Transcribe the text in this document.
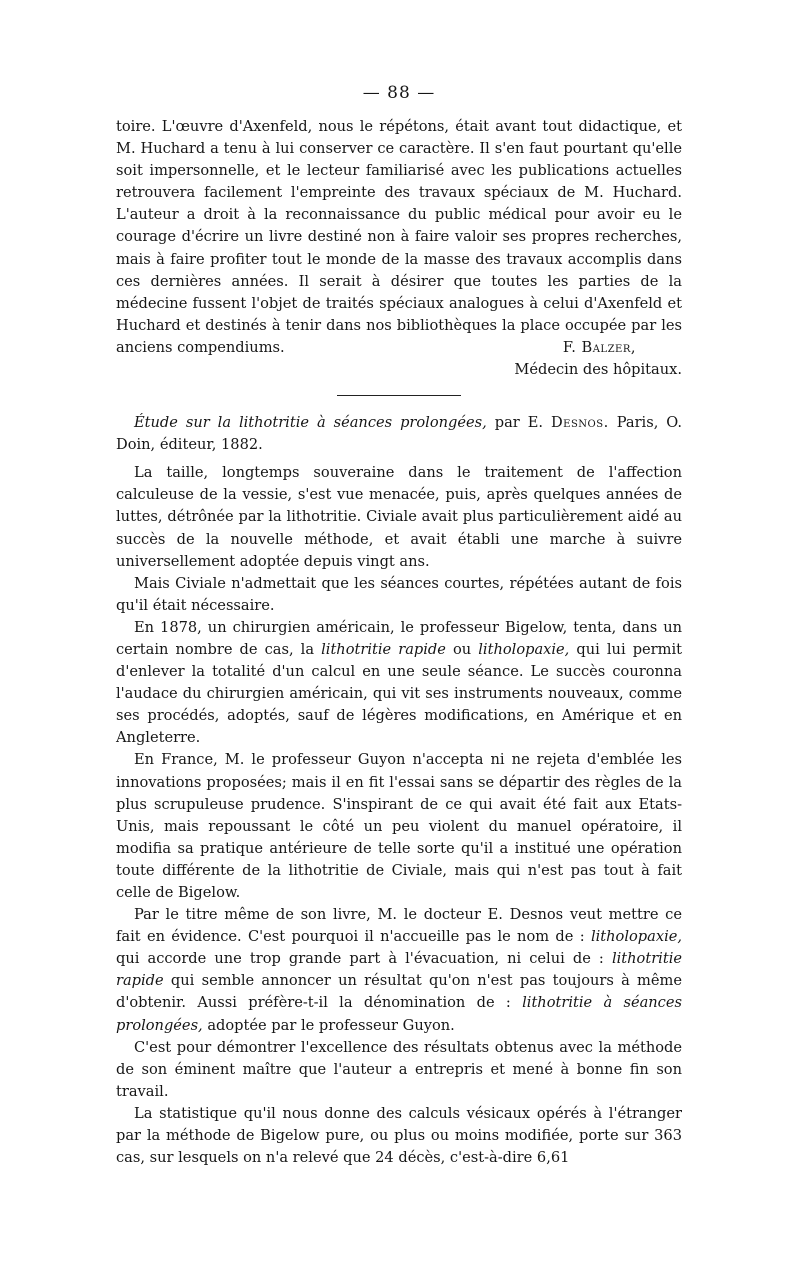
— 88 —

toire. L'œuvre d'Axenfeld, nous le répétons, était avant tout didactique, et M. Huchard a tenu à lui conserver ce caractère. Il s'en faut pourtant qu'elle soit impersonnelle, et le lecteur familiarisé avec les publications actuelles retrouvera facilement l'empreinte des travaux spéciaux de M. Huchard. L'auteur a droit à la reconnaissance du public médical pour avoir eu le courage d'écrire un livre destiné non à faire valoir ses propres recherches, mais à faire profiter tout le monde de la masse des travaux accomplis dans ces dernières années. Il serait à désirer que toutes les parties de la médecine fussent l'objet de traités spéciaux analogues à celui d'Axenfeld et Huchard et destinés à tenir dans nos bibliothèques la place occupée par les anciens compendiums.	F. Balzer,
Médecin des hôpitaux.

Étude sur la lithotritie à séances prolongées, par E. Desnos. Paris, O. Doin, éditeur, 1882.

La taille, longtemps souveraine dans le traitement de l'affection calculeuse de la vessie, s'est vue menacée, puis, après quelques années de luttes, détrônée par la lithotritie. Civiale avait plus particulièrement aidé au succès de la nouvelle méthode, et avait établi une marche à suivre universellement adoptée depuis vingt ans.

Mais Civiale n'admettait que les séances courtes, répétées autant de fois qu'il était nécessaire.

En 1878, un chirurgien américain, le professeur Bigelow, tenta, dans un certain nombre de cas, la lithotritie rapide ou litholopaxie, qui lui permit d'enlever la totalité d'un calcul en une seule séance. Le succès couronna l'audace du chirurgien américain, qui vit ses instruments nouveaux, comme ses procédés, adoptés, sauf de légères modifications, en Amérique et en Angleterre.

En France, M. le professeur Guyon n'accepta ni ne rejeta d'emblée les innovations proposées; mais il en fit l'essai sans se départir des règles de la plus scrupuleuse prudence. S'inspirant de ce qui avait été fait aux Etats-Unis, mais repoussant le côté un peu violent du manuel opératoire, il modifia sa pratique antérieure de telle sorte qu'il a institué une opération toute différente de la lithotritie de Civiale, mais qui n'est pas tout à fait celle de Bigelow.

Par le titre même de son livre, M. le docteur E. Desnos veut mettre ce fait en évidence. C'est pourquoi il n'accueille pas le nom de : litholopaxie, qui accorde une trop grande part à l'évacuation, ni celui de : lithotritie rapide qui semble annoncer un résultat qu'on n'est pas toujours à même d'obtenir. Aussi préfère-t-il la dénomination de : lithotritie à séances prolongées, adoptée par le professeur Guyon.

C'est pour démontrer l'excellence des résultats obtenus avec la méthode de son éminent maître que l'auteur a entrepris et mené à bonne fin son travail.

La statistique qu'il nous donne des calculs vésicaux opérés à l'étranger par la méthode de Bigelow pure, ou plus ou moins modifiée, porte sur 363 cas, sur lesquels on n'a relevé que 24 décès, c'est-à-dire 6,61
